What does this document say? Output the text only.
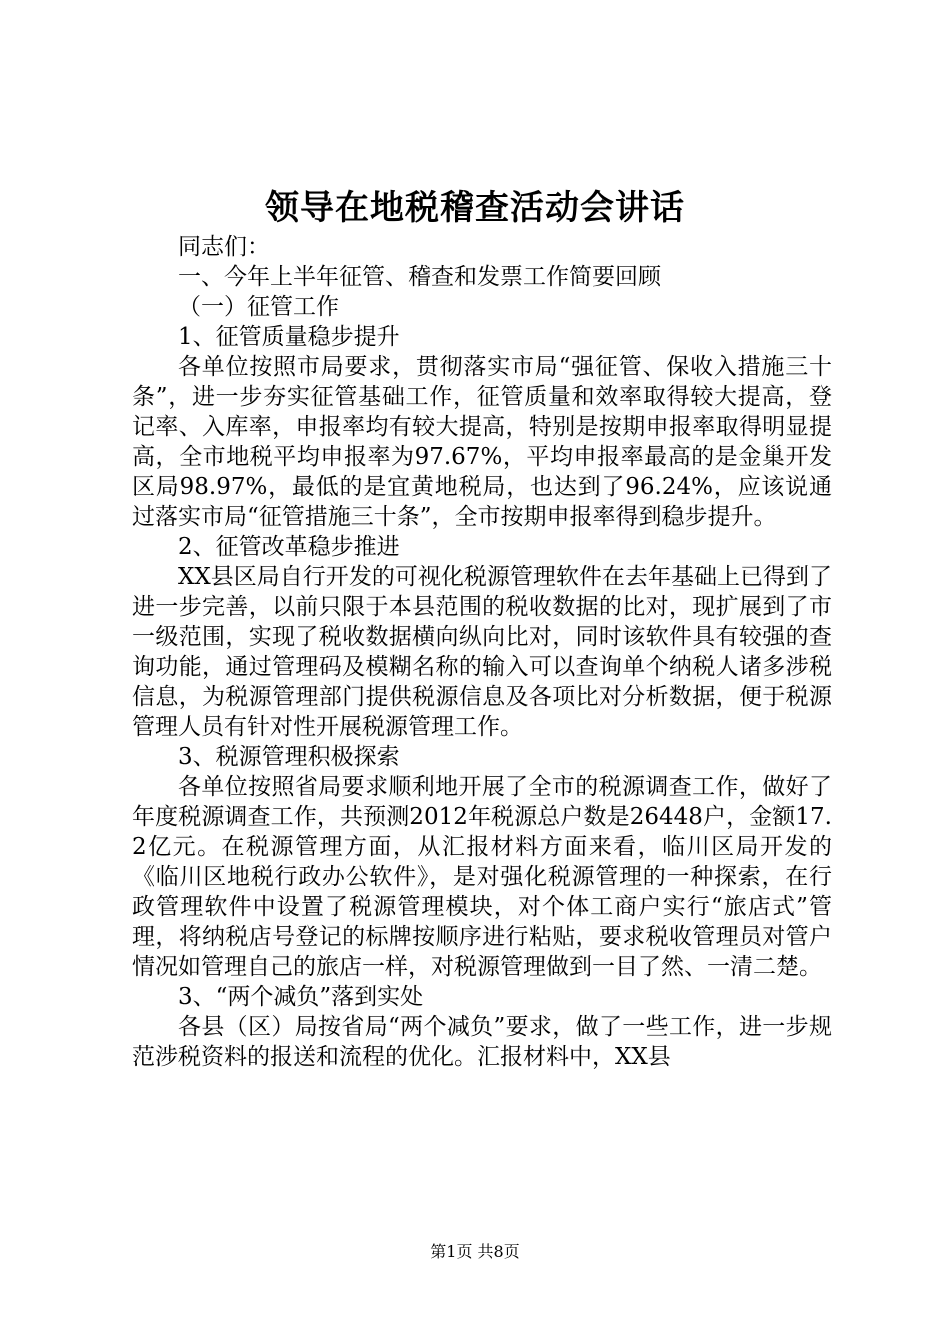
领导在地税稽查活动会讲话

同志们：

一、今年上半年征管、稽查和发票工作简要回顾

（一）征管工作

1、征管质量稳步提升

各单位按照市局要求，贯彻落实市局“强征管、保收入措施三十条”，进一步夯实征管基础工作，征管质量和效率取得较大提高，登记率、入库率，申报率均有较大提高，特别是按期申报率取得明显提高，全市地税平均申报率为97.67%，平均申报率最高的是金巢开发区局98.97%，最低的是宜黄地税局，也达到了96.24%，应该说通过落实市局“征管措施三十条”，全市按期申报率得到稳步提升。

2、征管改革稳步推进

XX县区局自行开发的可视化税源管理软件在去年基础上已得到了进一步完善，以前只限于本县范围的税收数据的比对，现扩展到了市一级范围，实现了税收数据横向纵向比对，同时该软件具有较强的查询功能，通过管理码及模糊名称的输入可以查询单个纳税人诸多涉税信息，为税源管理部门提供税源信息及各项比对分析数据，便于税源管理人员有针对性开展税源管理工作。

3、税源管理积极探索

各单位按照省局要求顺利地开展了全市的税源调查工作，做好了年度税源调查工作，共预测2012年税源总户数是26448户，金额17.2亿元。在税源管理方面，从汇报材料方面来看，临川区局开发的《临川区地税行政办公软件》，是对强化税源管理的一种探索，在行政管理软件中设置了税源管理模块，对个体工商户实行“旅店式”管理，将纳税店号登记的标牌按顺序进行粘贴，要求税收管理员对管户情况如管理自己的旅店一样，对税源管理做到一目了然、一清二楚。

3、“两个减负”落到实处

各县（区）局按省局“两个减负”要求，做了一些工作，进一步规范涉税资料的报送和流程的优化。汇报材料中，XX县

第1页 共8页
